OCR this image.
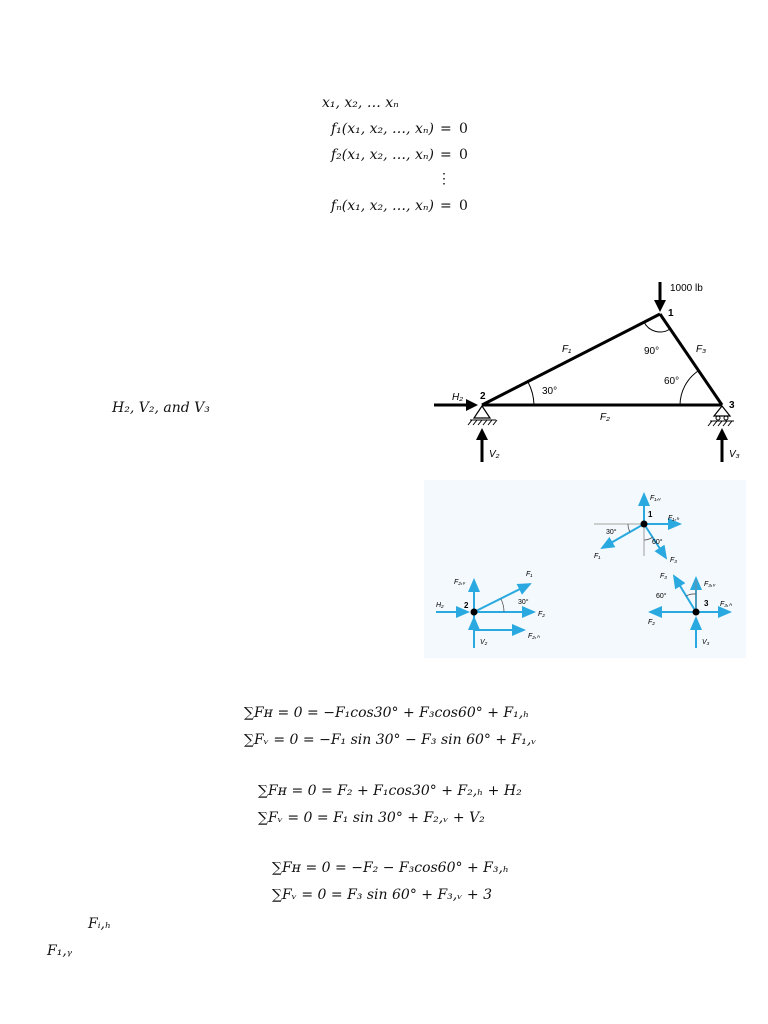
x₁, x₂, … xₙ
f₁(x₁, x₂, …, xₙ) = 0
f₂(x₁, x₂, …, xₙ) = 0
⋮
fₙ(x₁, x₂, …, xₙ) = 0
H₂, V₂, and V₃
1000 lb
1
2
3
F₁
F₂
F₃
90°
30°
60°
H₂
V₂	V₃
1
30°
60°
F₁,ᵥ
F₁,ₕ
F₁
F₃
2	30°
F₂,ᵥ
F₁
H₂
F₂
F₂,ₕ
V₂
3
60°
F₃
F₃,ᵥ
F₂
F₃,ₕ
V₃
∑Fʜ = 0 = −F₁cos30° + F₃cos60° + F₁,ₕ
∑Fᵥ = 0 = −F₁ sin 30° − F₃ sin 60° + F₁,ᵥ
∑Fʜ = 0 = F₂ + F₁cos30° + F₂,ₕ + H₂
∑Fᵥ = 0 = F₁ sin 30° + F₂,ᵥ + V₂
∑Fʜ = 0 = −F₂ − F₃cos60° + F₃,ₕ
∑Fᵥ = 0 = F₃ sin 60° + F₃,ᵥ + 3
Fᵢ,ₕ
F₁,ᵧ
